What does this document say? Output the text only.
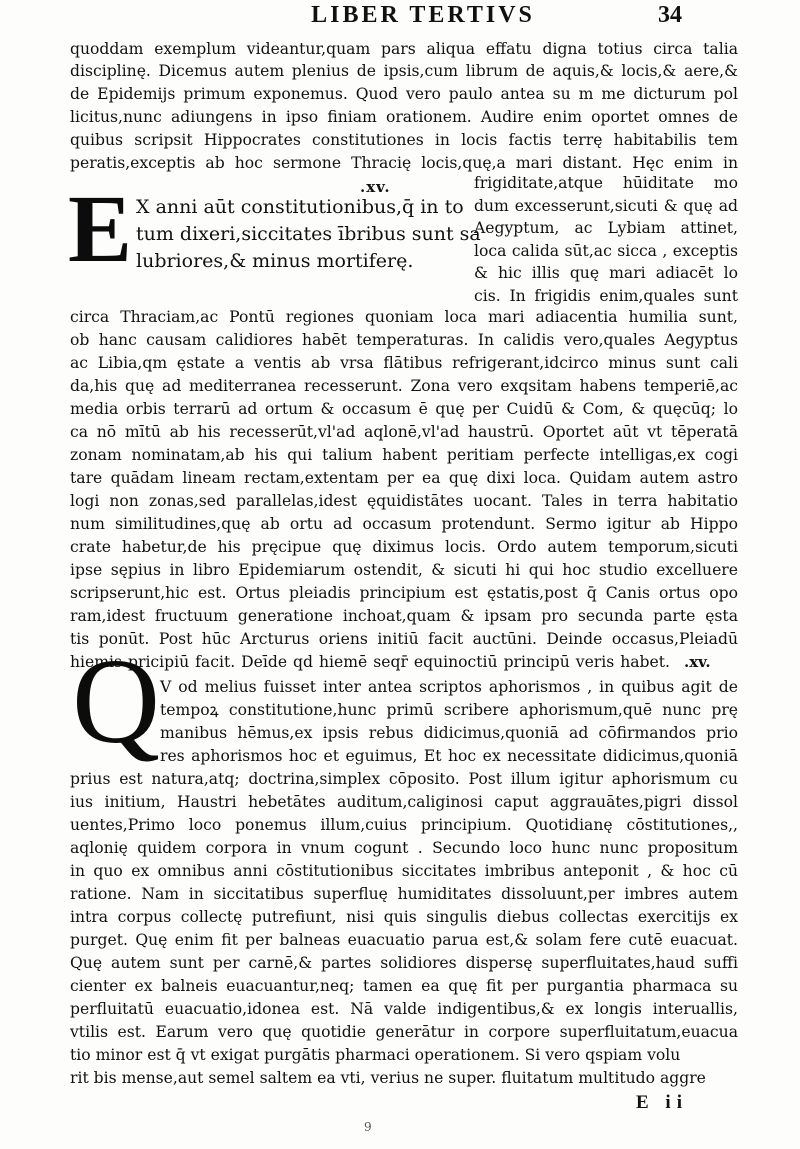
LIBER TERTIVS	34
quoddam exemplum videantur,quam pars aliqua effatu digna totius circa talia
disciplinę. Dicemus autem plenius de ipsis,cum librum de aquis,& locis,& aere,&
de Epidemijs primum exponemus. Quod vero paulo antea su m me dicturum pol
licitus,nunc adiungens in ipso finiam orationem. Audire enim oportet omnes de
quibus scripsit Hippocrates constitutiones in locis factis terrę habitabilis tem
peratis,exceptis ab hoc sermone Thracię locis,quę,a mari distant. Hęc enim in
.xv.
E X anni aūt constitutionibus,q̄ in to
tum dixeri,siccitates ībribus sunt sa
lubriores,& minus mortiferę.
frigiditate,atque hūiditate mo
dum excesserunt,sicuti & quę ad
Aegyptum, ac Lybiam attinet,
loca calida sūt,ac sicca , exceptis
& hic illis quę mari adiacēt lo
cis. In frigidis enim,quales sunt
circa Thraciam,ac Pontū regiones quoniam loca mari adiacentia humilia sunt,
ob hanc causam calidiores habēt temperaturas. In calidis vero,quales Aegyptus
ac Libia,qm ęstate a ventis ab vrsa flātibus refrigerant,idcirco minus sunt cali
da,his quę ad mediterranea recesserunt. Zona vero exqsitam habens temperiē,ac
media orbis terrarū ad ortum & occasum ē quę per Cuidū & Com, & quęcūq; lo
ca nō mītū ab his recesserūt,vl'ad aqlonē,vl'ad haustrū. Oportet aūt vt tēperatā
zonam nominatam,ab his qui talium habent peritiam perfecte intelligas,ex cogi
tare quādam lineam rectam,extentam per ea quę dixi loca. Quidam autem astro
logi non zonas,sed parallelas,idest ęquidistātes uocant. Tales in terra habitatio
num similitudines,quę ab ortu ad occasum protendunt. Sermo igitur ab Hippo
crate habetur,de his pręcipue quę diximus locis. Ordo autem temporum,sicuti
ipse sępius in libro Epidemiarum ostendit, & sicuti hi qui hoc studio excelluere
scripserunt,hic est. Ortus pleiadis principium est ęstatis,post q̄ Canis ortus opo
ram,idest fructuum generatione inchoat,quam & ipsam pro secunda parte ęsta
tis ponūt. Post hūc Arcturus oriens initiū facit auctūni. Deinde occasus,Pleiadū
hiemis pricipiū facit. Deīde qd hiemē seqr̄ equinoctiū principū veris habet. .xv.
Q V od melius fuisset inter antea scriptos aphorismos , in quibus agit de
tempoꝝ constitutione,hunc primū scribere aphorismum,quē nunc prę
manibus hēmus,ex ipsis rebus didicimus,quoniā ad cōfirmandos prio
res aphorismos hoc et eguimus, Et hoc ex necessitate didicimus,quoniā
prius est natura,atq; doctrina,simplex cōposito. Post illum igitur aphorismum cu
ius initium, Haustri hebetātes auditum,caliginosi caput aggrauātes,pigri dissol
uentes,Primo loco ponemus illum,cuius principium. Quotidianę cōstitutiones,,
aqlonię quidem corpora in vnum cogunt . Secundo loco hunc nunc propositum
in quo ex omnibus anni cōstitutionibus siccitates imbribus anteponit , & hoc cū
ratione. Nam in siccitatibus superfluę humiditates dissoluunt,per imbres autem
intra corpus collectę putrefiunt, nisi quis singulis diebus collectas exercitijs ex
purget. Quę enim fit per balneas euacuatio parua est,& solam fere cutē euacuat.
Quę autem sunt per carnē,& partes solidiores dispersę superfluitates,haud suffi
cienter ex balneis euacuantur,neq; tamen ea quę fit per purgantia pharmaca su
perfluitatū euacuatio,idonea est. Nā valde indigentibus,& ex longis interuallis,
vtilis est. Earum vero quę quotidie generātur in corpore superfluitatum,euacua
tio minor est q̄ vt exigat purgātis pharmaci operationem. Si vero qspiam volu
rit bis mense,aut semel saltem ea vti, verius ne super. fluitatum multitudo aggre
E ii
9
